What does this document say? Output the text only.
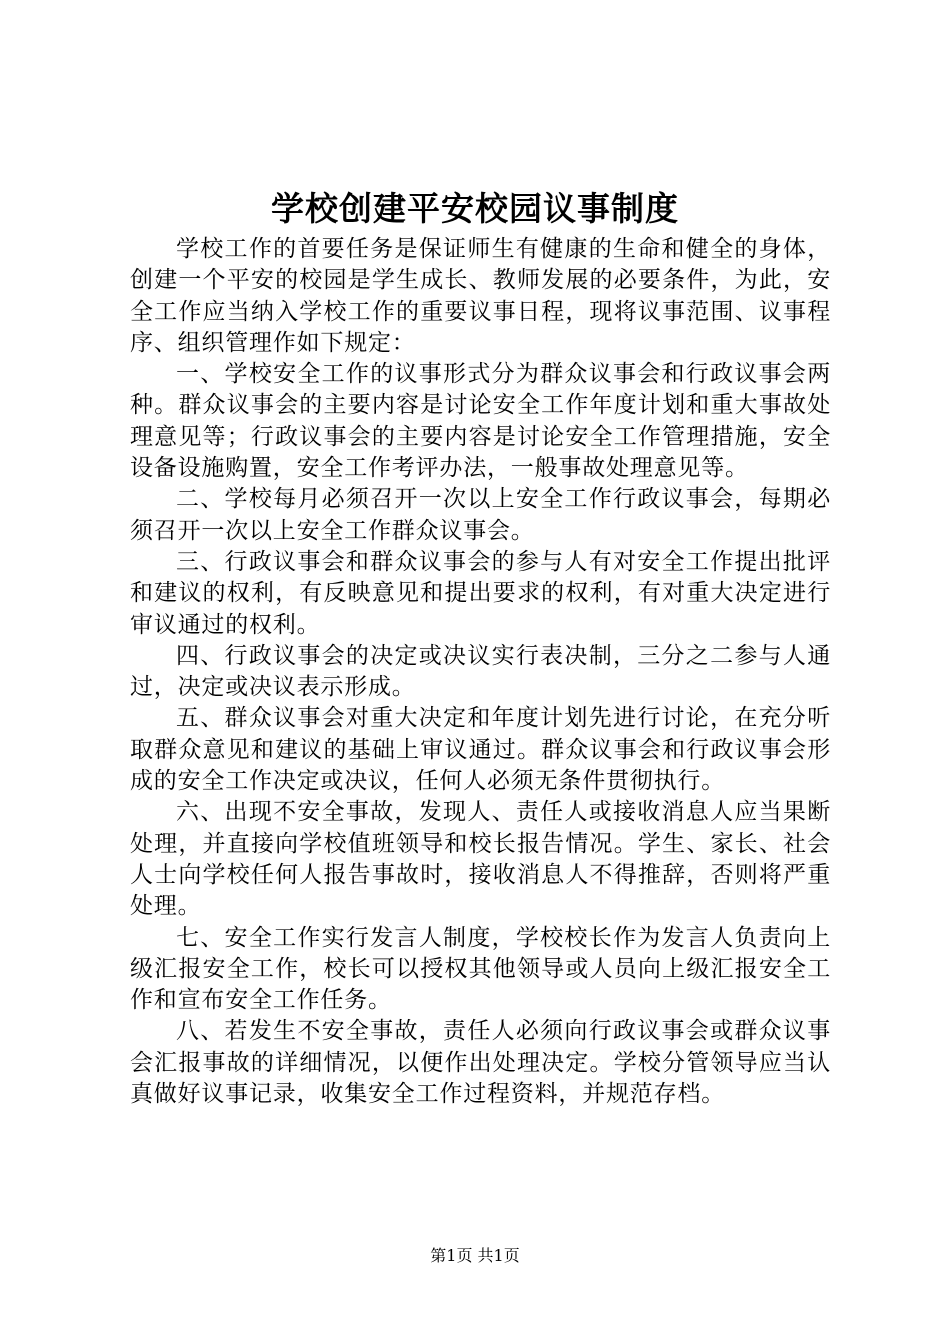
学校创建平安校园议事制度

学校工作的首要任务是保证师生有健康的生命和健全的身体，创建一个平安的校园是学生成长、教师发展的必要条件，为此，安全工作应当纳入学校工作的重要议事日程，现将议事范围、议事程序、组织管理作如下规定：

一、学校安全工作的议事形式分为群众议事会和行政议事会两种。群众议事会的主要内容是讨论安全工作年度计划和重大事故处理意见等；行政议事会的主要内容是讨论安全工作管理措施，安全设备设施购置，安全工作考评办法，一般事故处理意见等。

二、学校每月必须召开一次以上安全工作行政议事会，每期必须召开一次以上安全工作群众议事会。

三、行政议事会和群众议事会的参与人有对安全工作提出批评和建议的权利，有反映意见和提出要求的权利，有对重大决定进行审议通过的权利。

四、行政议事会的决定或决议实行表决制，三分之二参与人通过，决定或决议表示形成。

五、群众议事会对重大决定和年度计划先进行讨论，在充分听取群众意见和建议的基础上审议通过。群众议事会和行政议事会形成的安全工作决定或决议，任何人必须无条件贯彻执行。

六、出现不安全事故，发现人、责任人或接收消息人应当果断处理，并直接向学校值班领导和校长报告情况。学生、家长、社会人士向学校任何人报告事故时，接收消息人不得推辞，否则将严重处理。

七、安全工作实行发言人制度，学校校长作为发言人负责向上级汇报安全工作，校长可以授权其他领导或人员向上级汇报安全工作和宣布安全工作任务。

八、若发生不安全事故，责任人必须向行政议事会或群众议事会汇报事故的详细情况，以便作出处理决定。学校分管领导应当认真做好议事记录，收集安全工作过程资料，并规范存档。

第1页 共1页
